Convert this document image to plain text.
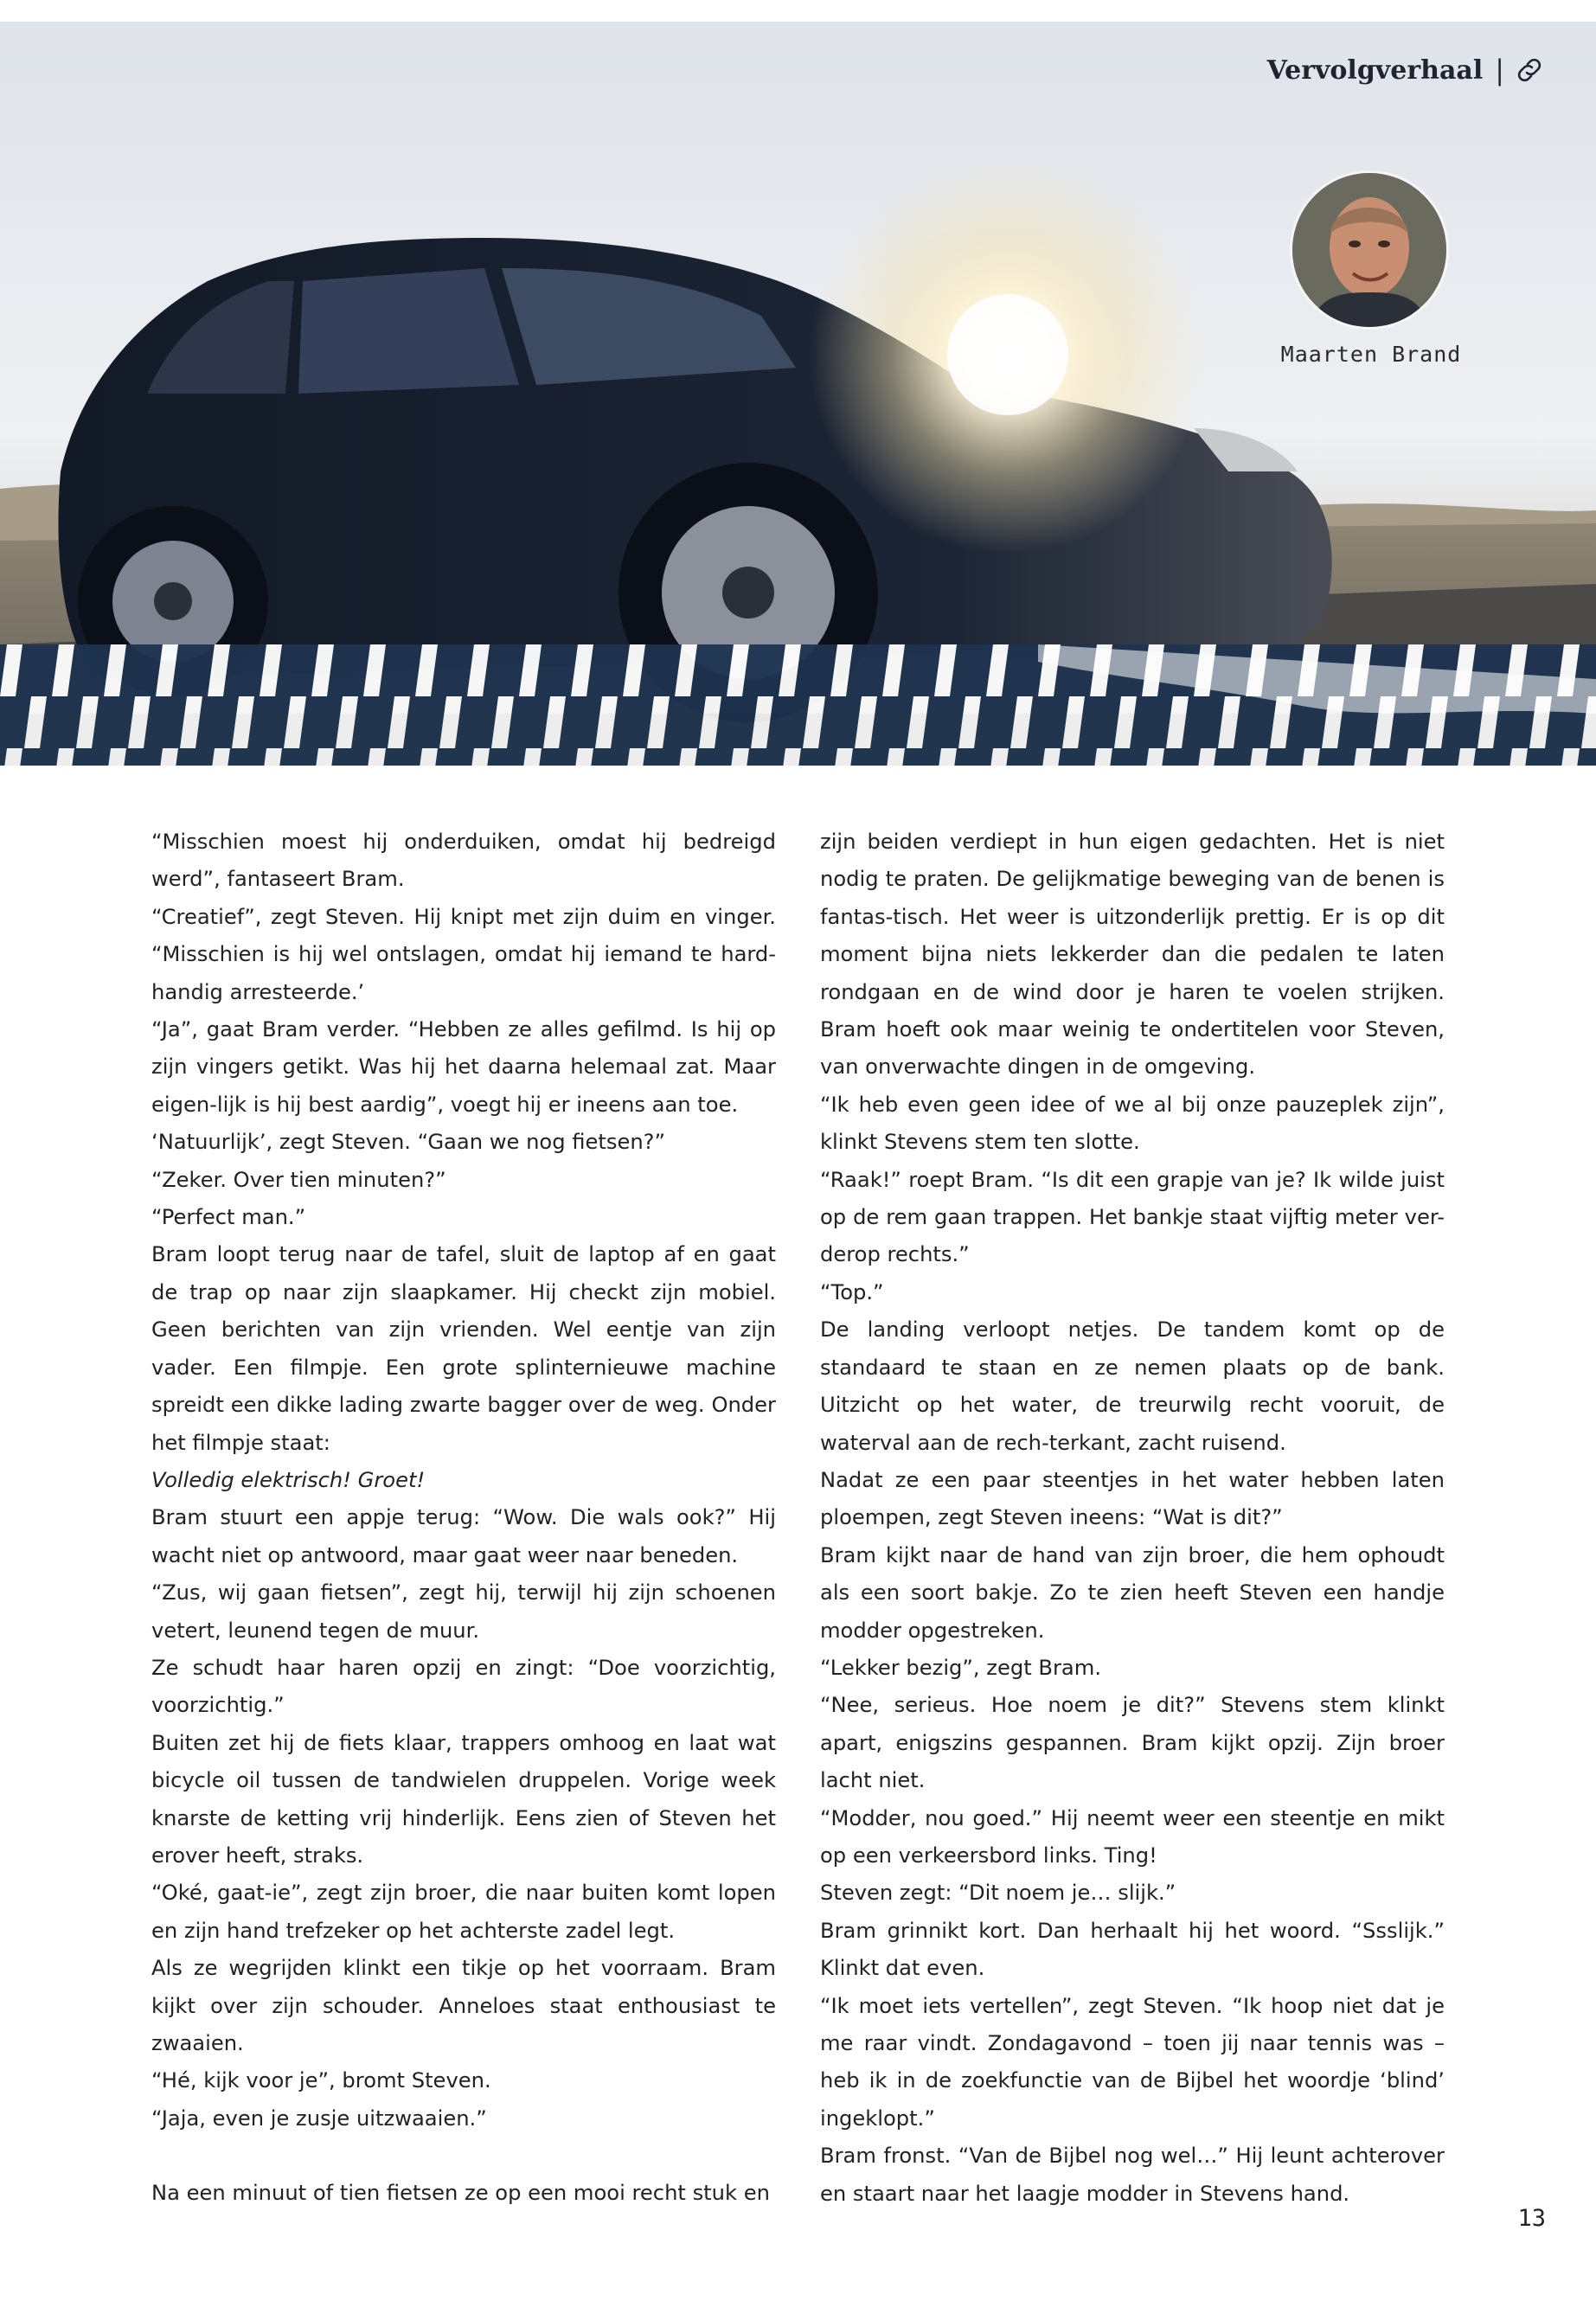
Vervolgverhaal |
Maarten Brand

“Misschien moest hij onderduiken, omdat hij bedreigd werd”, fantaseert Bram.

“Creatief”, zegt Steven. Hij knipt met zijn duim en vinger. “Misschien is hij wel ontslagen, omdat hij iemand te hard-handig arresteerde.’

“Ja”, gaat Bram verder. “Hebben ze alles gefilmd. Is hij op zijn vingers getikt. Was hij het daarna helemaal zat. Maar eigen-lijk is hij best aardig”, voegt hij er ineens aan toe.

‘Natuurlijk’, zegt Steven. “Gaan we nog fietsen?”

“Zeker. Over tien minuten?”

“Perfect man.”

Bram loopt terug naar de tafel, sluit de laptop af en gaat de trap op naar zijn slaapkamer. Hij checkt zijn mobiel. Geen berichten van zijn vrienden. Wel eentje van zijn vader. Een filmpje. Een grote splinternieuwe machine spreidt een dikke lading zwarte bagger over de weg. Onder het filmpje staat:

Volledig elektrisch! Groet!

Bram stuurt een appje terug: “Wow. Die wals ook?” Hij wacht niet op antwoord, maar gaat weer naar beneden.

“Zus, wij gaan fietsen”, zegt hij, terwijl hij zijn schoenen vetert, leunend tegen de muur.

Ze schudt haar haren opzij en zingt: “Doe voorzichtig, voorzichtig.”

Buiten zet hij de fiets klaar, trappers omhoog en laat wat bicycle oil tussen de tandwielen druppelen. Vorige week knarste de ketting vrij hinderlijk. Eens zien of Steven het erover heeft, straks.

“Oké, gaat-ie”, zegt zijn broer, die naar buiten komt lopen en zijn hand trefzeker op het achterste zadel legt.

Als ze wegrijden klinkt een tikje op het voorraam. Bram kijkt over zijn schouder. Anneloes staat enthousiast te zwaaien.

“Hé, kijk voor je”, bromt Steven.

“Jaja, even je zusje uitzwaaien.”

Na een minuut of tien fietsen ze op een mooi recht stuk en

zijn beiden verdiept in hun eigen gedachten. Het is niet nodig te praten. De gelijkmatige beweging van de benen is fantas-tisch. Het weer is uitzonderlijk prettig. Er is op dit moment bijna niets lekkerder dan die pedalen te laten rondgaan en de wind door je haren te voelen strijken. Bram hoeft ook maar weinig te ondertitelen voor Steven, van onverwachte dingen in de omgeving.

“Ik heb even geen idee of we al bij onze pauzeplek zijn”, klinkt Stevens stem ten slotte.

“Raak!” roept Bram. “Is dit een grapje van je? Ik wilde juist op de rem gaan trappen. Het bankje staat vijftig meter ver-derop rechts.”

“Top.”

De landing verloopt netjes. De tandem komt op de standaard te staan en ze nemen plaats op de bank. Uitzicht op het water, de treurwilg recht vooruit, de waterval aan de rech-terkant, zacht ruisend.

Nadat ze een paar steentjes in het water hebben laten ploempen, zegt Steven ineens: “Wat is dit?”

Bram kijkt naar de hand van zijn broer, die hem ophoudt als een soort bakje. Zo te zien heeft Steven een handje modder opgestreken.

“Lekker bezig”, zegt Bram.

“Nee, serieus. Hoe noem je dit?” Stevens stem klinkt apart, enigszins gespannen. Bram kijkt opzij. Zijn broer lacht niet.

“Modder, nou goed.” Hij neemt weer een steentje en mikt op een verkeersbord links. Ting!

Steven zegt: “Dit noem je… slijk.”

Bram grinnikt kort. Dan herhaalt hij het woord. “Ssslijk.” Klinkt dat even.

“Ik moet iets vertellen”, zegt Steven. “Ik hoop niet dat je me raar vindt. Zondagavond – toen jij naar tennis was – heb ik in de zoekfunctie van de Bijbel het woordje ‘blind’ ingeklopt.”

Bram fronst. “Van de Bijbel nog wel…” Hij leunt achterover en staart naar het laagje modder in Stevens hand.

13
